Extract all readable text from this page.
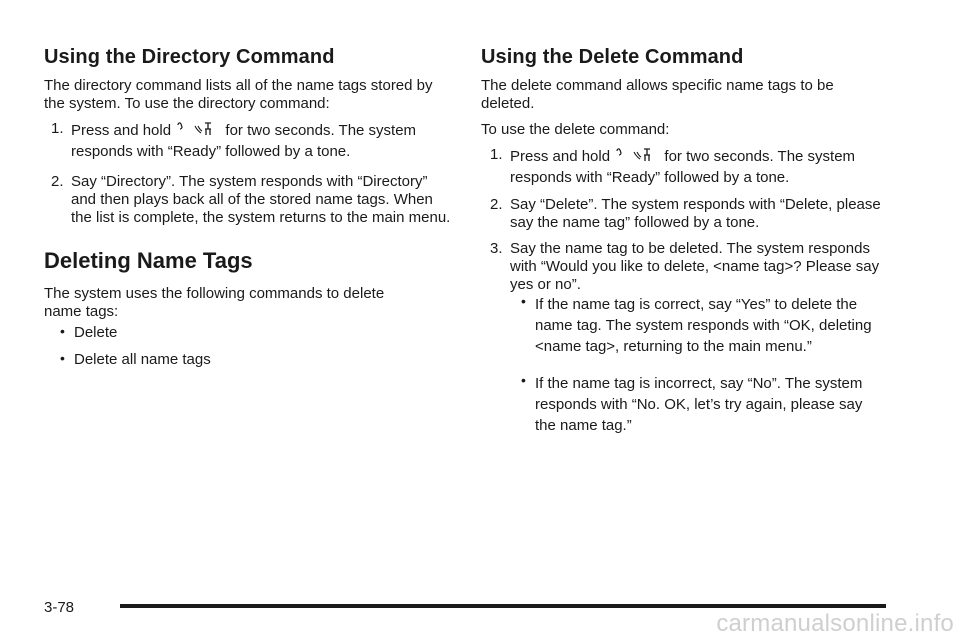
Using the Directory Command

The directory command lists all of the name tags stored by the system. To use the directory command:

1. Press and hold	for two seconds. The system responds with “Ready” followed by a tone.
2. Say “Directory”. The system responds with “Directory” and then plays back all of the stored name tags. When the list is complete, the system returns to the main menu.
Deleting Name Tags

The system uses the following commands to delete name tags:

• Delete
• Delete all name tags
Using the Delete Command

The delete command allows specific name tags to be deleted.

To use the delete command:

1. Press and hold	for two seconds. The system responds with “Ready” followed by a tone.
2. Say “Delete”. The system responds with “Delete, please say the name tag” followed by a tone.
3. Say the name tag to be deleted. The system responds with “Would you like to delete, <name tag>? Please say yes or no”.
• If the name tag is correct, say “Yes” to delete the name tag. The system responds with “OK, deleting <name tag>, returning to the main menu.”
• If the name tag is incorrect, say “No”. The system responds with “No. OK, let’s try again, please say the name tag.”
3-78
carmanualsonline.info
